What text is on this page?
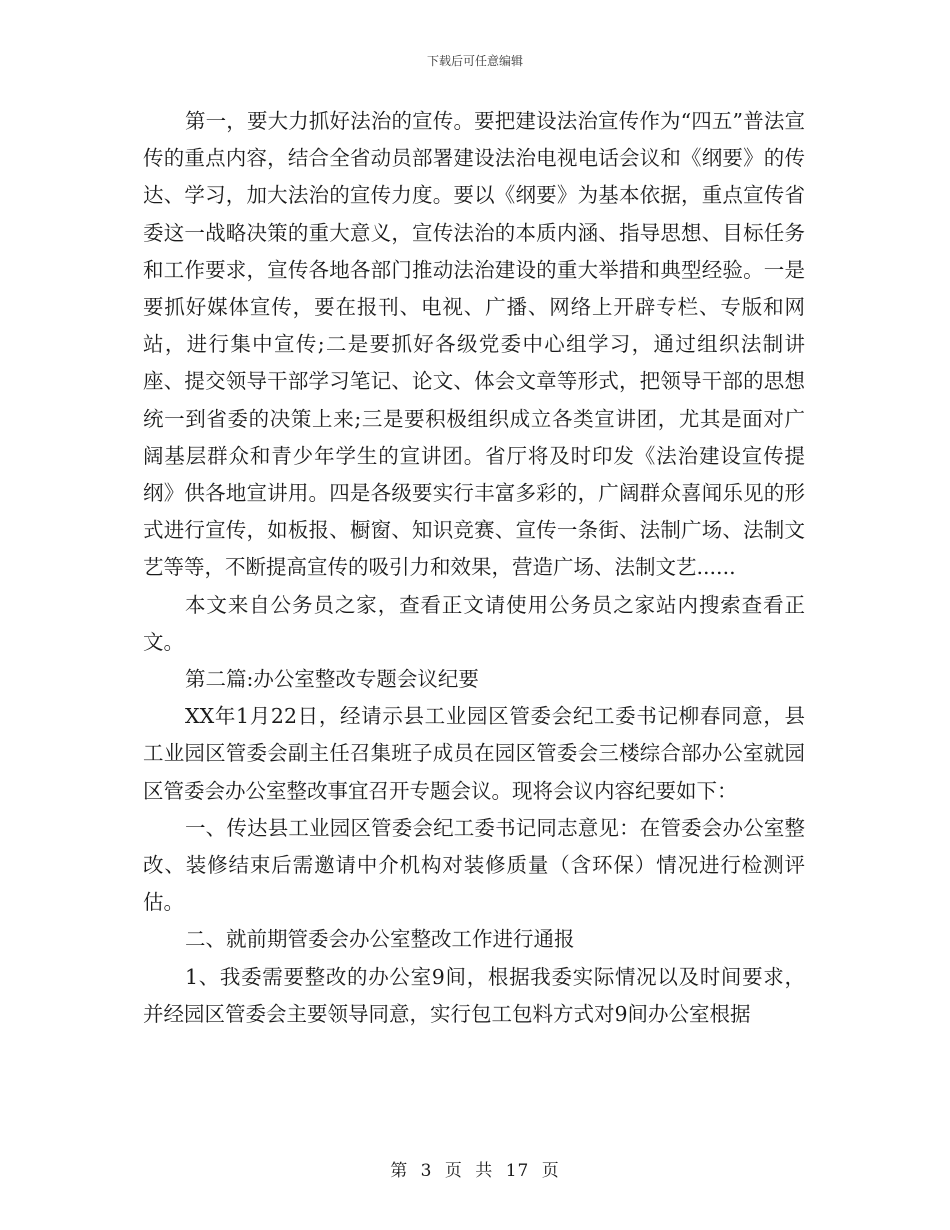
下载后可任意编辑

第一，要大力抓好法治的宣传。要把建设法治宣传作为“四五”普法宣传的重点内容，结合全省动员部署建设法治电视电话会议和《纲要》的传达、学习，加大法治的宣传力度。要以《纲要》为基本依据，重点宣传省委这一战略决策的重大意义，宣传法治的本质内涵、指导思想、目标任务和工作要求，宣传各地各部门推动法治建设的重大举措和典型经验。一是要抓好媒体宣传，要在报刊、电视、广播、网络上开辟专栏、专版和网站，进行集中宣传;二是要抓好各级党委中心组学习，通过组织法制讲座、提交领导干部学习笔记、论文、体会文章等形式，把领导干部的思想统一到省委的决策上来;三是要积极组织成立各类宣讲团，尤其是面对广阔基层群众和青少年学生的宣讲团。省厅将及时印发《法治建设宣传提纲》供各地宣讲用。四是各级要实行丰富多彩的，广阔群众喜闻乐见的形式进行宣传，如板报、橱窗、知识竞赛、宣传一条街、法制广场、法制文艺等等，不断提高宣传的吸引力和效果，营造广场、法制文艺......

本文来自公务员之家，查看正文请使用公务员之家站内搜索查看正文。

第二篇:办公室整改专题会议纪要

XX年1月22日，经请示县工业园区管委会纪工委书记柳春同意，县工业园区管委会副主任召集班子成员在园区管委会三楼综合部办公室就园区管委会办公室整改事宜召开专题会议。现将会议内容纪要如下：

一、传达县工业园区管委会纪工委书记同志意见：在管委会办公室整改、装修结束后需邀请中介机构对装修质量（含环保）情况进行检测评估。

二、就前期管委会办公室整改工作进行通报

1、我委需要整改的办公室9间，根据我委实际情况以及时间要求，并经园区管委会主要领导同意，实行包工包料方式对9间办公室根据

第 3 页 共 17 页
